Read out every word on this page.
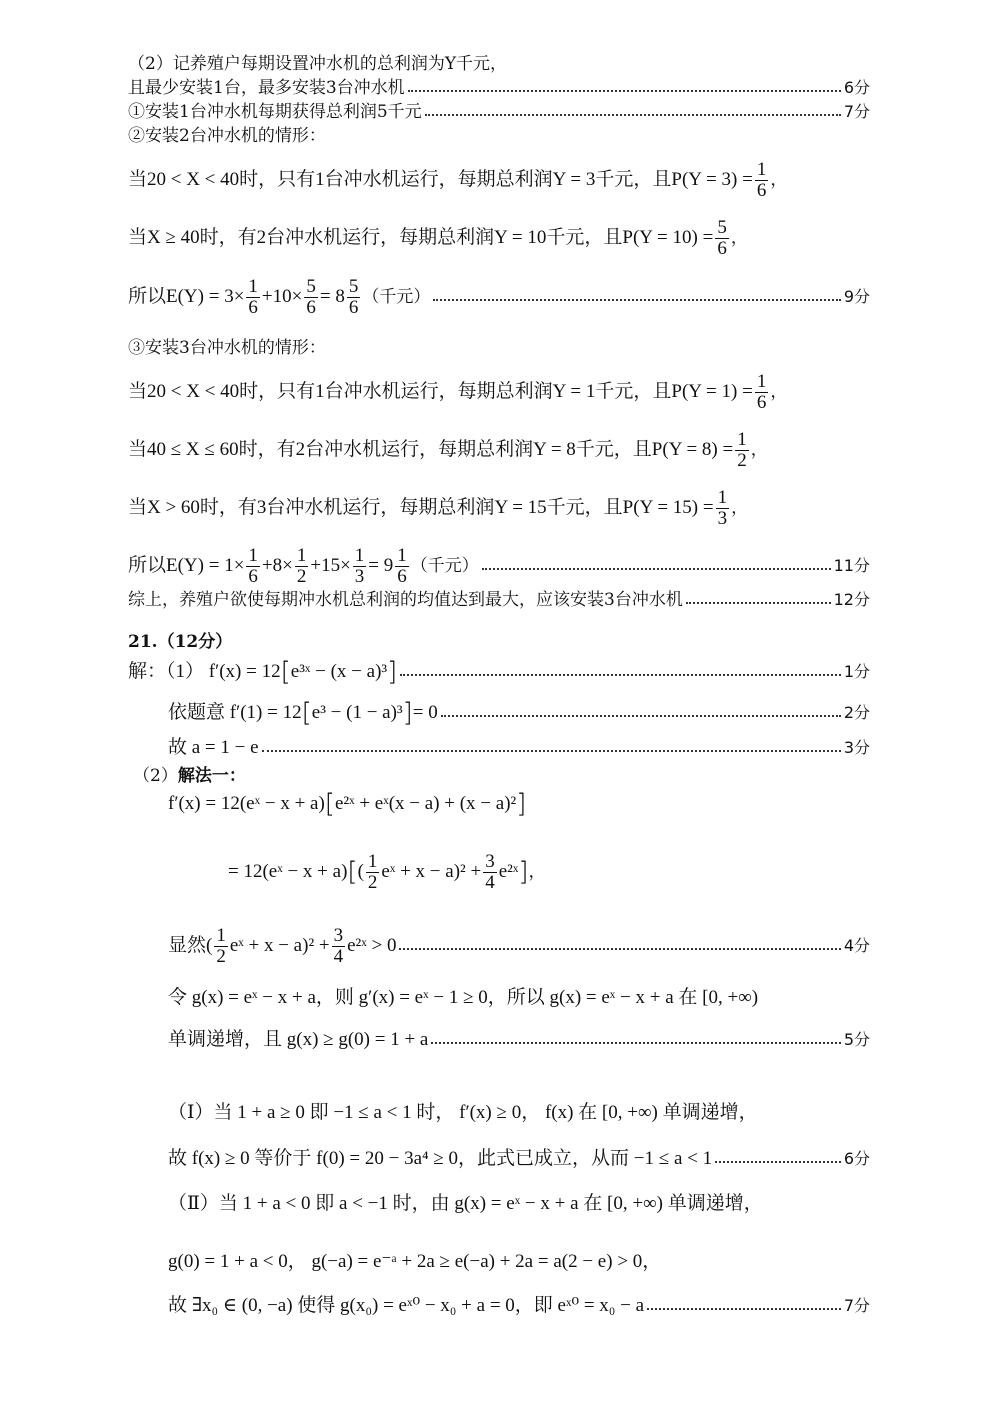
（2）记养殖户每期设置冲水机的总利润为Y千元，
且最少安装1台，最多安装3台冲水机	6分
①安装1台冲水机每期获得总利润5千元	7分
②安装2台冲水机的情形：
当20 < X < 40时，只有1台冲水机运行，每期总利润Y = 3千元，且$P(Y = 3) = \frac{1}{6}$ ，
当X ≥ 40时，有2台冲水机运行，每期总利润Y = 10千元，且$P(Y = 10) = \frac{5}{6}$ ，
所以$E(Y) = 3\times \frac{1}{6} +10\times \frac{5}{6} = 8 \frac{5}{6}$ （千元）	9分
③安装3台冲水机的情形：
当20 < X < 40时，只有1台冲水机运行，每期总利润Y = 1千元，且$P(Y = 1) = \frac{1}{6}$ ，
当40 ≤ X ≤ 60时，有2台冲水机运行，每期总利润Y = 8千元，且$P(Y = 8) = \frac{1}{2}$ ，
当X > 60时，有3台冲水机运行，每期总利润Y = 15千元，且$P(Y = 15) = \frac{1}{3}$ ，
所以$E(Y) = 1\times \frac{1}{6} +8\times \frac{1}{2} +15\times \frac{1}{3} = 9 \frac{1}{6}$ （千元）	11分
综上，养殖户欲使每期冲水机总利润的均值达到最大，应该安装3台冲水机	12分
21.（12分）
解：（1） f′(x) = 12 [ e³ˣ − (x − a)³ ]	1分
依题意 f′(1) = 12 [ e³ − (1 − a)³ ] = 0	2分
故 a = 1 − e	3分
（2） 解法一：
f′(x) = 12(eˣ − x + a) [ e²ˣ + eˣ(x − a) + (x − a)² ]
= 12(eˣ − x + a) [ ( $\frac{1}{2}$ eˣ + $x - a)^2 + \frac{3}{4}$ e²ˣ ] ，
显然( $\frac{1}{2}$ eˣ + $x - a)^2 + \frac{3}{4}$ e²ˣ > 0	4分
令 g(x) = eˣ − x + a，则 g′(x) = eˣ − 1 ≥ 0，所以 g(x) = eˣ − x + a 在 [0, +∞)
单调递增，且 g(x) ≥ g(0) = 1 + a	5分
（Ⅰ）当 1 + a ≥ 0 即 −1 ≤ a < 1 时， f′(x) ≥ 0， f(x) 在 [0, +∞) 单调递增，
故 f(x) ≥ 0 等价于 f(0) = 20 − 3a⁴ ≥ 0，此式已成立，从而 −1 ≤ a < 1	6分
（Ⅱ）当 1 + a < 0 即 a < −1 时，由 g(x) = eˣ − x + a 在 [0, +∞) 单调递增，
g(0) = 1 + a < 0， g(−a) = e⁻ᵃ + 2a ≥ e(−a) + 2a = a(2 − e) > 0，
故 ∃x₀ ∈ (0, −a) 使得 g(x₀) = eˣ⁰ − x₀ + a = 0，即 eˣ⁰ = x₀ − a	7分
